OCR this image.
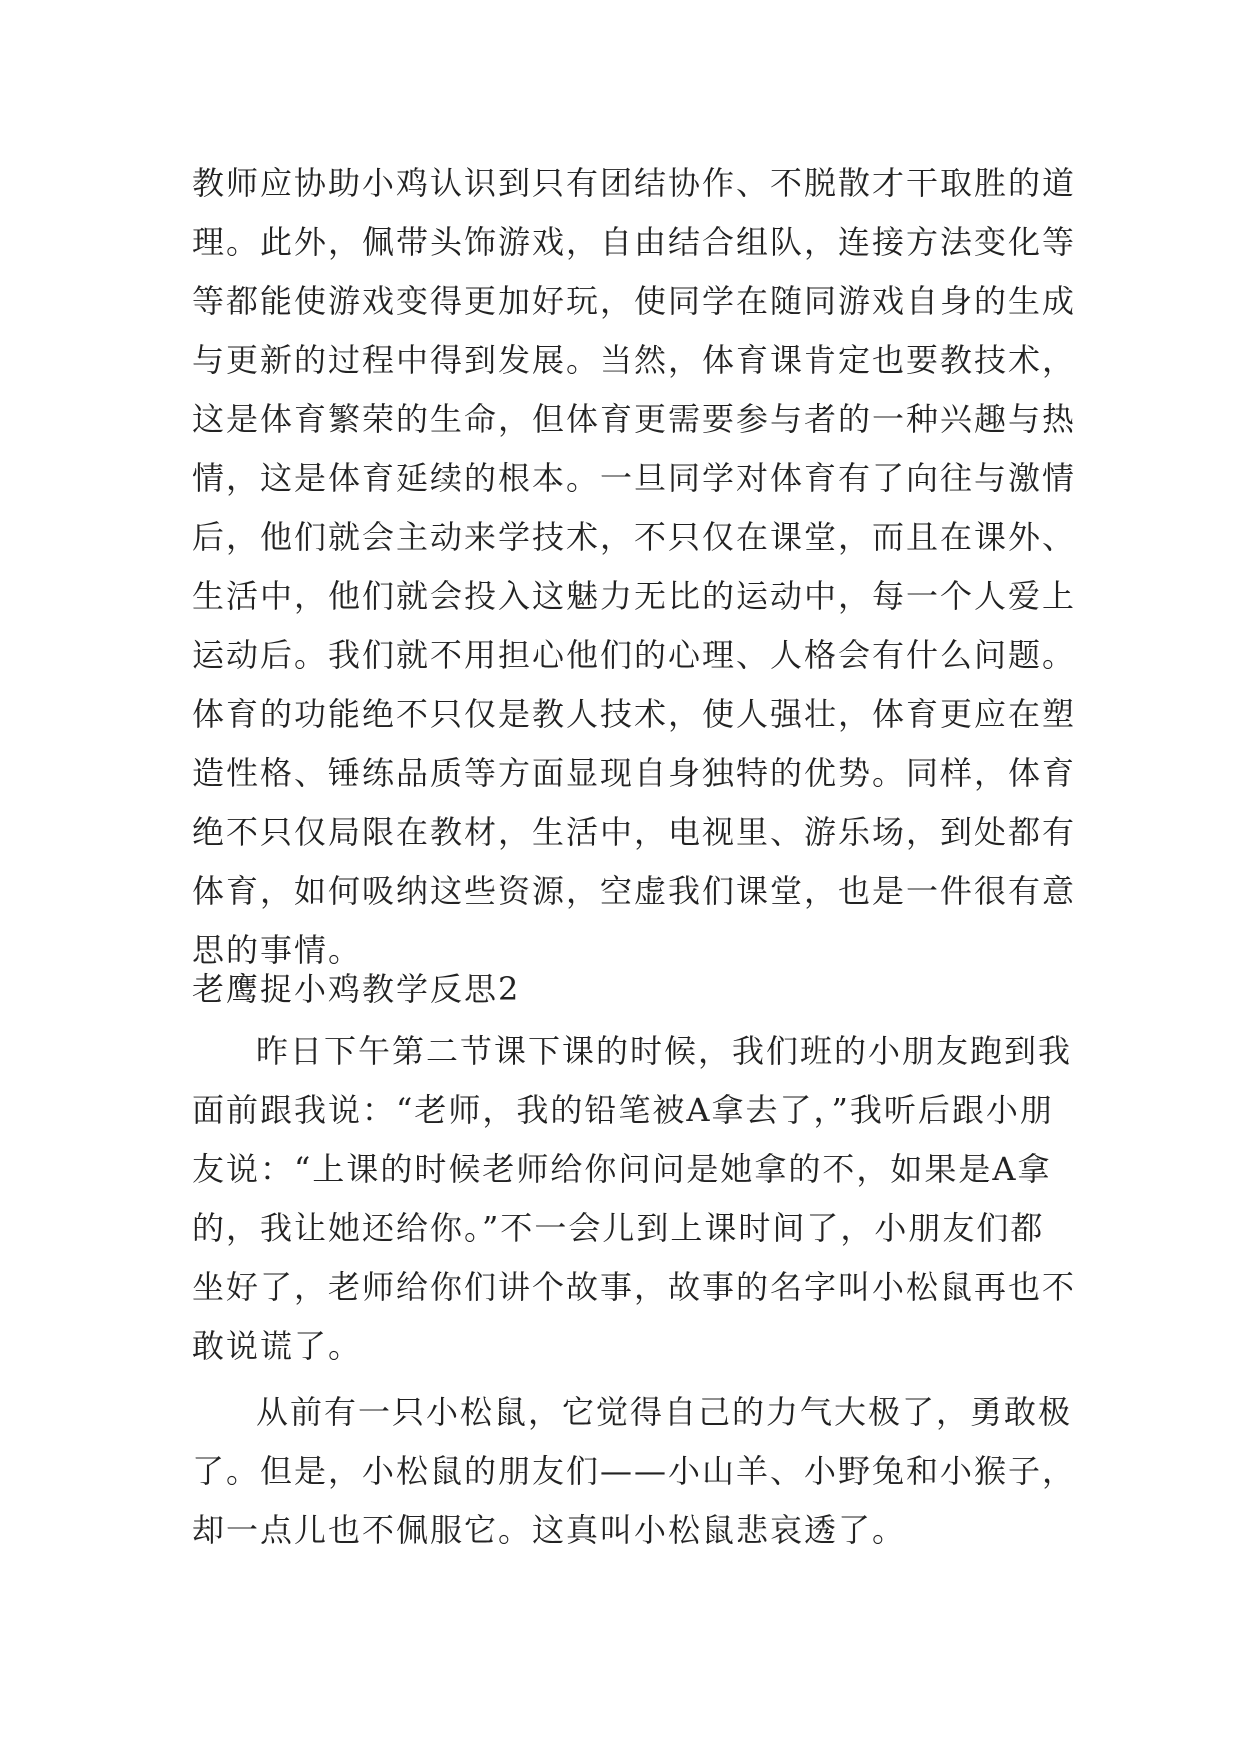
教师应协助小鸡认识到只有团结协作、不脱散才干取胜的道
理。此外，佩带头饰游戏，自由结合组队，连接方法变化等
等都能使游戏变得更加好玩，使同学在随同游戏自身的生成
与更新的过程中得到发展。当然，体育课肯定也要教技术，
这是体育繁荣的生命，但体育更需要参与者的一种兴趣与热
情，这是体育延续的根本。一旦同学对体育有了向往与激情
后，他们就会主动来学技术，不只仅在课堂，而且在课外、
生活中，他们就会投入这魅力无比的运动中，每一个人爱上
运动后。我们就不用担心他们的心理、人格会有什么问题。
体育的功能绝不只仅是教人技术，使人强壮，体育更应在塑
造性格、锤练品质等方面显现自身独特的优势。同样，体育
绝不只仅局限在教材，生活中，电视里、游乐场，到处都有
体育，如何吸纳这些资源，空虚我们课堂，也是一件很有意
思的事情。
老鹰捉小鸡教学反思2
昨日下午第二节课下课的时候，我们班的小朋友跑到我
面前跟我说：“老师，我的铅笔被A拿去了，”我听后跟小朋
友说：“上课的时候老师给你问问是她拿的不，如果是A拿
的，我让她还给你。”不一会儿到上课时间了，小朋友们都
坐好了，老师给你们讲个故事，故事的名字叫小松鼠再也不
敢说谎了。
从前有一只小松鼠，它觉得自己的力气大极了，勇敢极
了。但是，小松鼠的朋友们——小山羊、小野兔和小猴子，
却一点儿也不佩服它。这真叫小松鼠悲哀透了。
